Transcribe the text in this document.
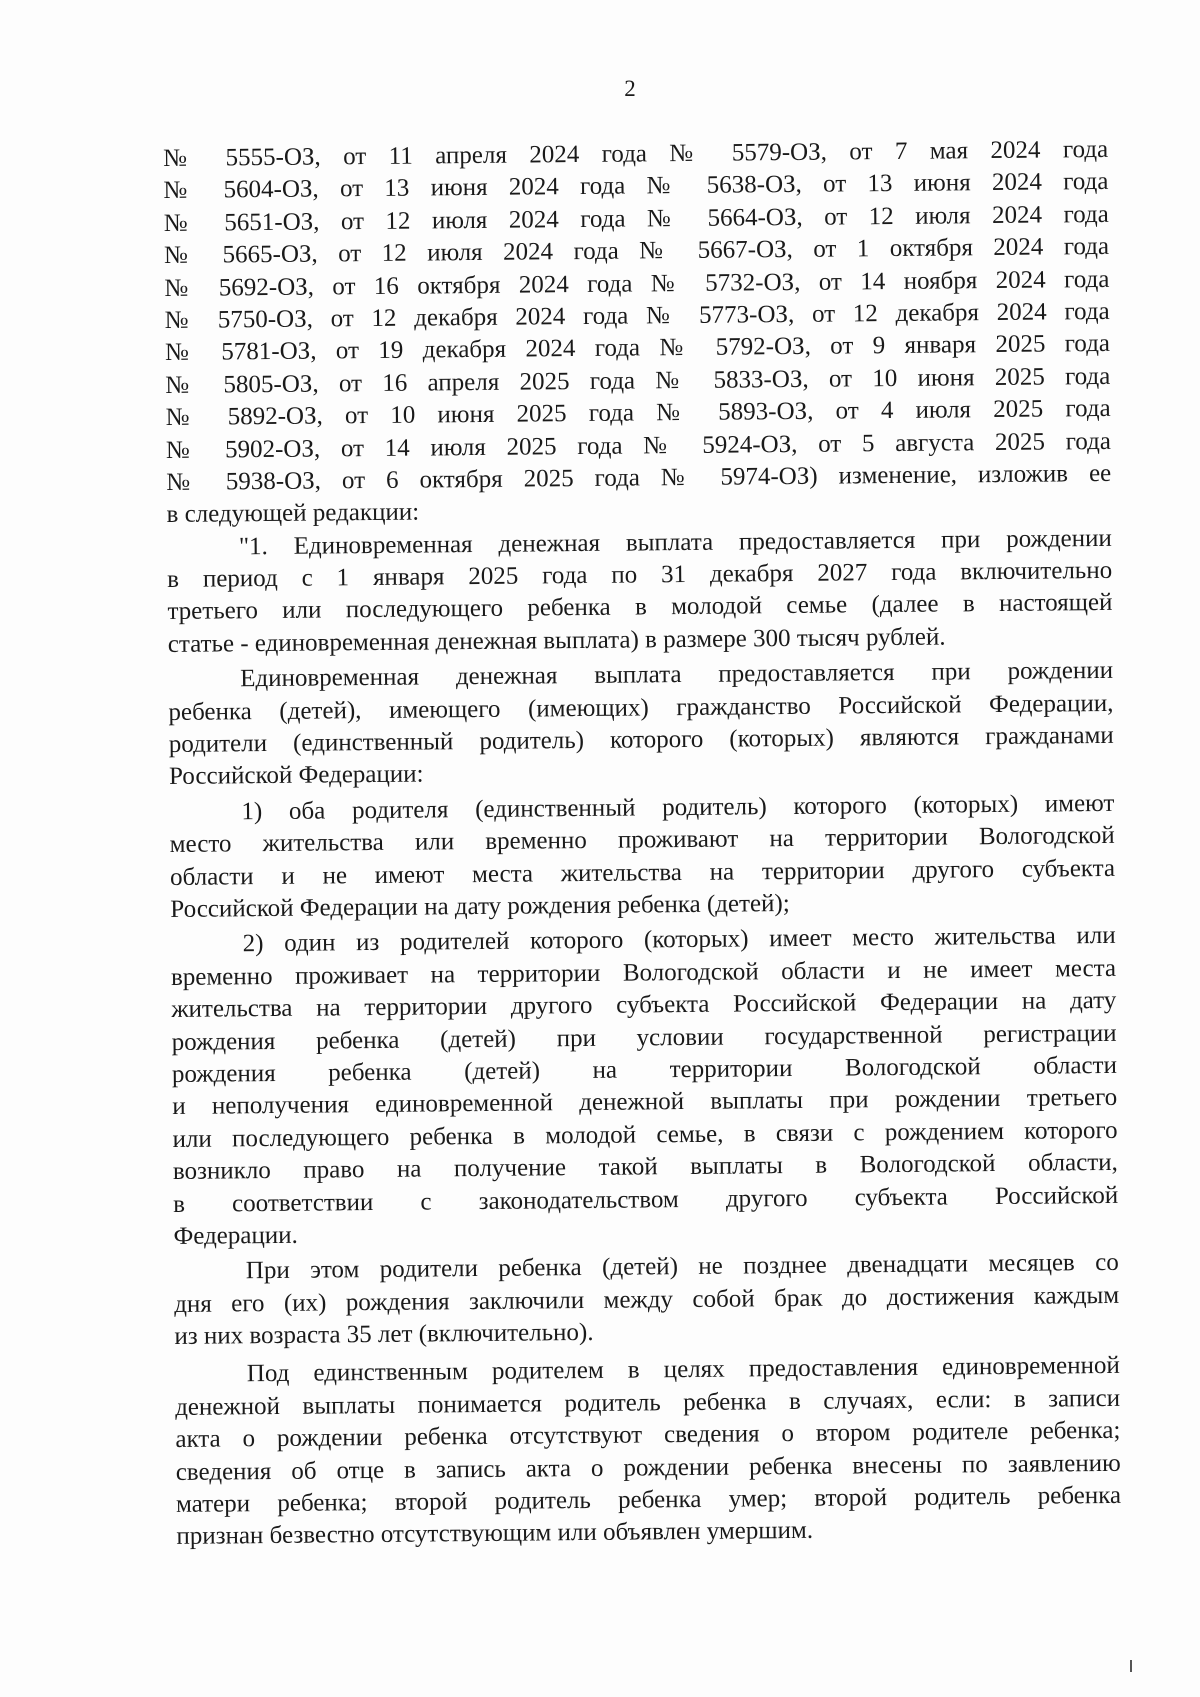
2
№ 5555-ОЗ, от 11 апреля 2024 года № 5579-ОЗ, от 7 мая 2024 года
№ 5604-ОЗ, от 13 июня 2024 года № 5638-ОЗ, от 13 июня 2024 года
№ 5651-ОЗ, от 12 июля 2024 года № 5664-ОЗ, от 12 июля 2024 года
№ 5665-ОЗ, от 12 июля 2024 года № 5667-ОЗ, от 1 октября 2024 года
№ 5692-ОЗ, от 16 октября 2024 года № 5732-ОЗ, от 14 ноября 2024 года
№ 5750-ОЗ, от 12 декабря 2024 года № 5773-ОЗ, от 12 декабря 2024 года
№ 5781-ОЗ, от 19 декабря 2024 года № 5792-ОЗ, от 9 января 2025 года
№ 5805-ОЗ, от 16 апреля 2025 года № 5833-ОЗ, от 10 июня 2025 года
№ 5892-ОЗ, от 10 июня 2025 года № 5893-ОЗ, от 4 июля 2025 года
№ 5902-ОЗ, от 14 июля 2025 года № 5924-ОЗ, от 5 августа 2025 года
№ 5938-ОЗ, от 6 октября 2025 года № 5974-ОЗ) изменение, изложив ее
в следующей редакции:
"1. Единовременная денежная выплата предоставляется при рождении
в период с 1 января 2025 года по 31 декабря 2027 года включительно
третьего или последующего ребенка в молодой семье (далее в настоящей
статье - единовременная денежная выплата) в размере 300 тысяч рублей.
Единовременная денежная выплата предоставляется при рождении
ребенка (детей), имеющего (имеющих) гражданство Российской Федерации,
родители (единственный родитель) которого (которых) являются гражданами
Российской Федерации:
1) оба родителя (единственный родитель) которого (которых) имеют
место жительства или временно проживают на территории Вологодской
области и не имеют места жительства на территории другого субъекта
Российской Федерации на дату рождения ребенка (детей);
2) один из родителей которого (которых) имеет место жительства или
временно проживает на территории Вологодской области и не имеет места
жительства на территории другого субъекта Российской Федерации на дату
рождения ребенка (детей) при условии государственной регистрации
рождения ребенка (детей) на территории Вологодской области
и неполучения единовременной денежной выплаты при рождении третьего
или последующего ребенка в молодой семье, в связи с рождением которого
возникло право на получение такой выплаты в Вологодской области,
в соответствии с законодательством другого субъекта Российской
Федерации.
При этом родители ребенка (детей) не позднее двенадцати месяцев со
дня его (их) рождения заключили между собой брак до достижения каждым
из них возраста 35 лет (включительно).
Под единственным родителем в целях предоставления единовременной
денежной выплаты понимается родитель ребенка в случаях, если: в записи
акта о рождении ребенка отсутствуют сведения о втором родителе ребенка;
сведения об отце в запись акта о рождении ребенка внесены по заявлению
матери ребенка; второй родитель ребенка умер; второй родитель ребенка
признан безвестно отсутствующим или объявлен умершим.
